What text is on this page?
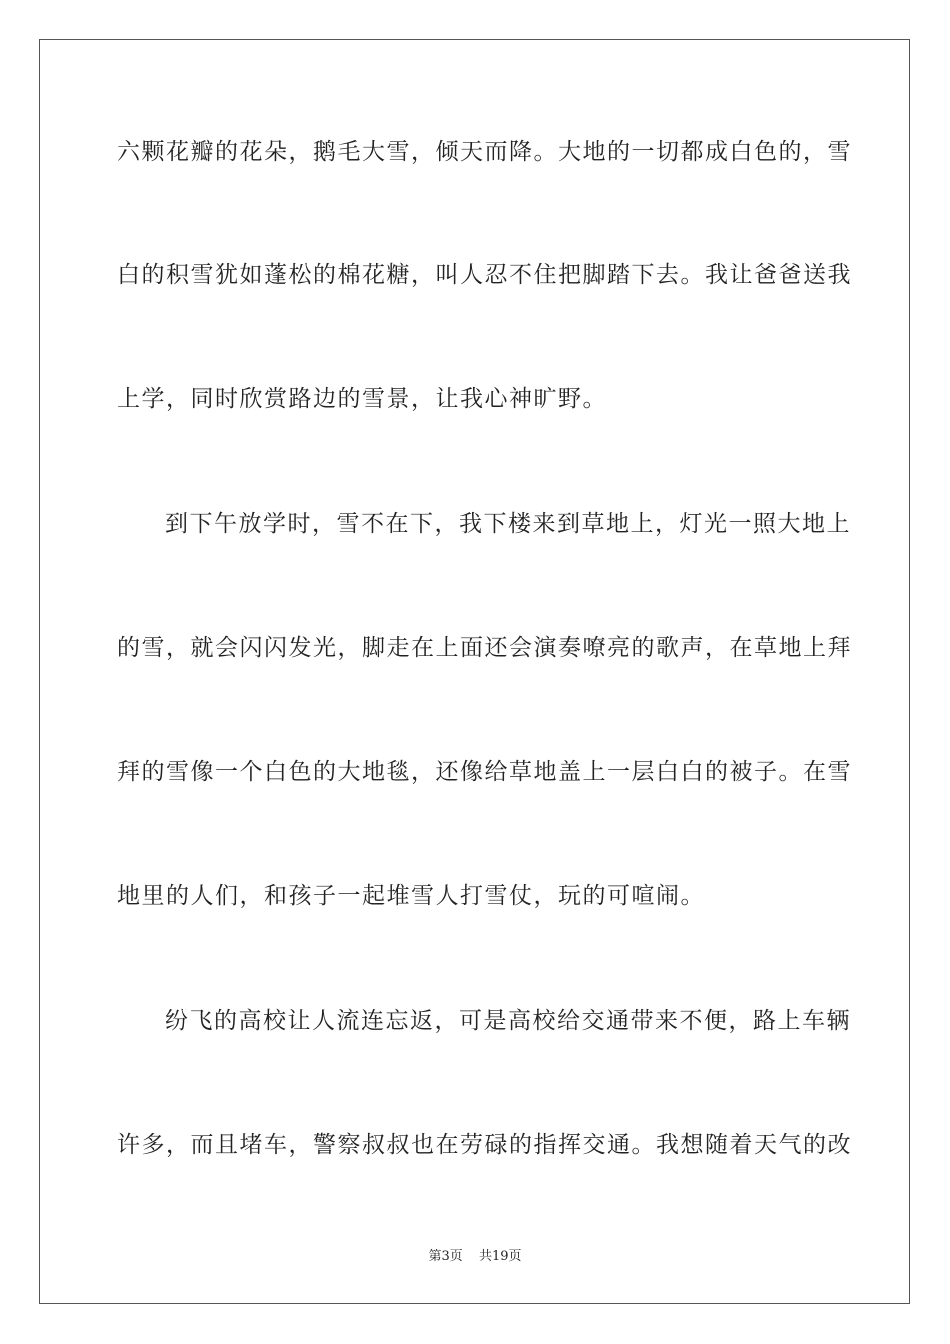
六颗花瓣的花朵，鹅毛大雪，倾天而降。大地的一切都成白色的，雪
白的积雪犹如蓬松的棉花糖，叫人忍不住把脚踏下去。我让爸爸送我
上学，同时欣赏路边的雪景，让我心神旷野。
到下午放学时，雪不在下，我下楼来到草地上，灯光一照大地上
的雪，就会闪闪发光，脚走在上面还会演奏嘹亮的歌声，在草地上拜
拜的雪像一个白色的大地毯，还像给草地盖上一层白白的被子。在雪
地里的人们，和孩子一起堆雪人打雪仗，玩的可喧闹。
纷飞的高校让人流连忘返，可是高校给交通带来不便，路上车辆
许多，而且堵车，警察叔叔也在劳碌的指挥交通。我想随着天气的改
第3页 共19页
